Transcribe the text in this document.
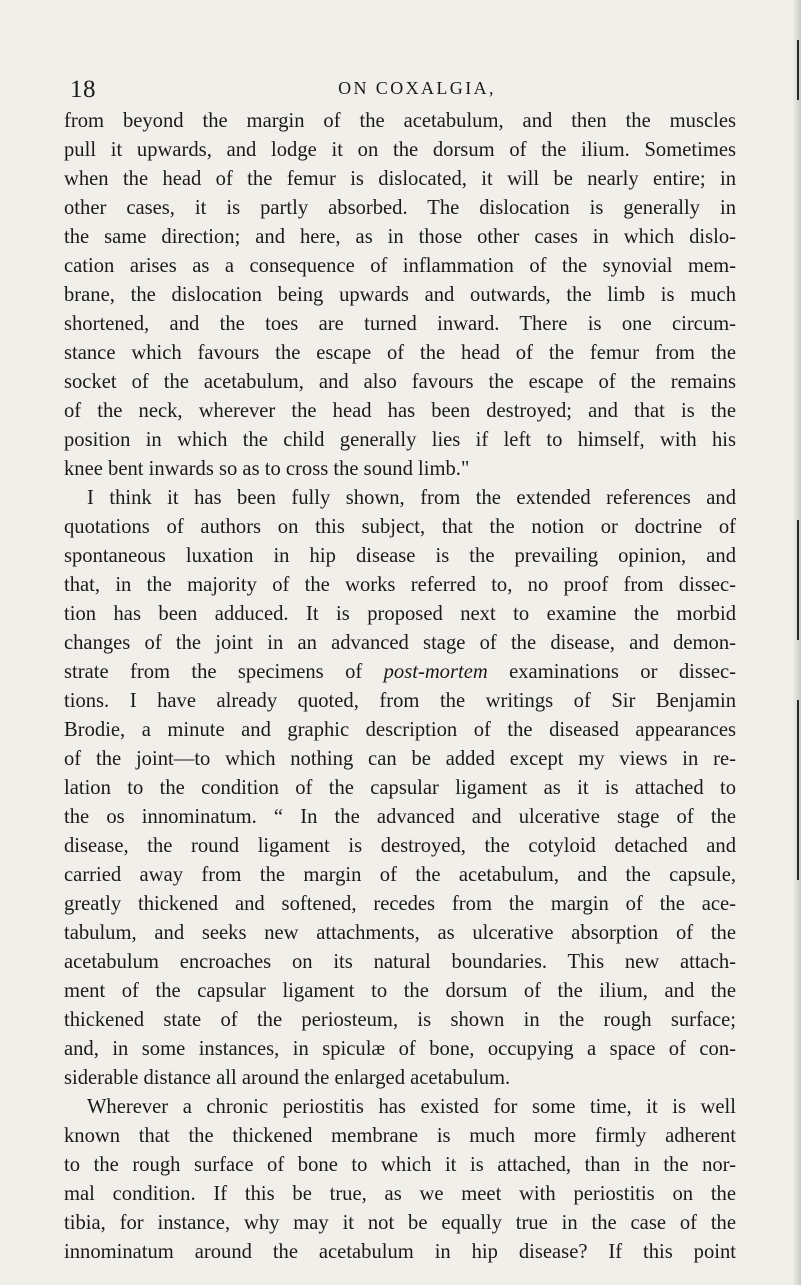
18	ON COXALGIA,
from beyond the margin of the acetabulum, and then the muscles
pull it upwards, and lodge it on the dorsum of the ilium. Sometimes
when the head of the femur is dislocated, it will be nearly entire; in
other cases, it is partly absorbed. The dislocation is generally in
the same direction; and here, as in those other cases in which dislo-
cation arises as a consequence of inflammation of the synovial mem-
brane, the dislocation being upwards and outwards, the limb is much
shortened, and the toes are turned inward. There is one circum-
stance which favours the escape of the head of the femur from the
socket of the acetabulum, and also favours the escape of the remains
of the neck, wherever the head has been destroyed; and that is the
position in which the child generally lies if left to himself, with his
knee bent inwards so as to cross the sound limb."
I think it has been fully shown, from the extended references and
quotations of authors on this subject, that the notion or doctrine of
spontaneous luxation in hip disease is the prevailing opinion, and
that, in the majority of the works referred to, no proof from dissec-
tion has been adduced. It is proposed next to examine the morbid
changes of the joint in an advanced stage of the disease, and demon-
strate from the specimens of post-mortem examinations or dissec-
tions. I have already quoted, from the writings of Sir Benjamin
Brodie, a minute and graphic description of the diseased appearances
of the joint—to which nothing can be added except my views in re-
lation to the condition of the capsular ligament as it is attached to
the os innominatum. “ In the advanced and ulcerative stage of the
disease, the round ligament is destroyed, the cotyloid detached and
carried away from the margin of the acetabulum, and the capsule,
greatly thickened and softened, recedes from the margin of the ace-
tabulum, and seeks new attachments, as ulcerative absorption of the
acetabulum encroaches on its natural boundaries. This new attach-
ment of the capsular ligament to the dorsum of the ilium, and the
thickened state of the periosteum, is shown in the rough surface;
and, in some instances, in spiculæ of bone, occupying a space of con-
siderable distance all around the enlarged acetabulum.
Wherever a chronic periostitis has existed for some time, it is well
known that the thickened membrane is much more firmly adherent
to the rough surface of bone to which it is attached, than in the nor-
mal condition. If this be true, as we meet with periostitis on the
tibia, for instance, why may it not be equally true in the case of the
innominatum around the acetabulum in hip disease? If this point
